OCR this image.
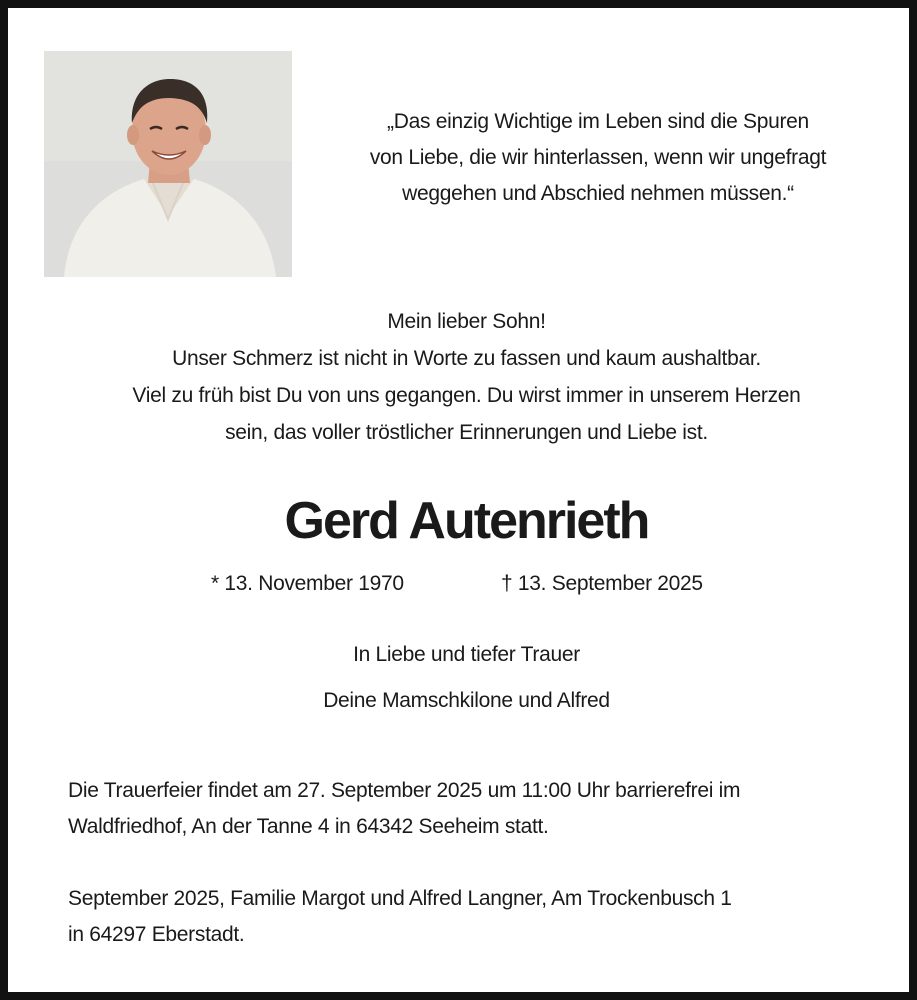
„Das einzig Wichtige im Leben sind die Spuren
von Liebe, die wir hinterlassen, wenn wir ungefragt
weggehen und Abschied nehmen müssen.“
Mein lieber Sohn!
Unser Schmerz ist nicht in Worte zu fassen und kaum aushaltbar.
Viel zu früh bist Du von uns gegangen. Du wirst immer in unserem Herzen
sein, das voller tröstlicher Erinnerungen und Liebe ist.
Gerd Autenrieth
* 13. November 1970	† 13. September 2025
In Liebe und tiefer Trauer
Deine Mamschkilone und Alfred
Die Trauerfeier findet am 27. September 2025 um 11:00 Uhr barrierefrei im
Waldfriedhof, An der Tanne 4 in 64342 Seeheim statt.
September 2025, Familie Margot und Alfred Langner, Am Trockenbusch 1
in 64297 Eberstadt.
